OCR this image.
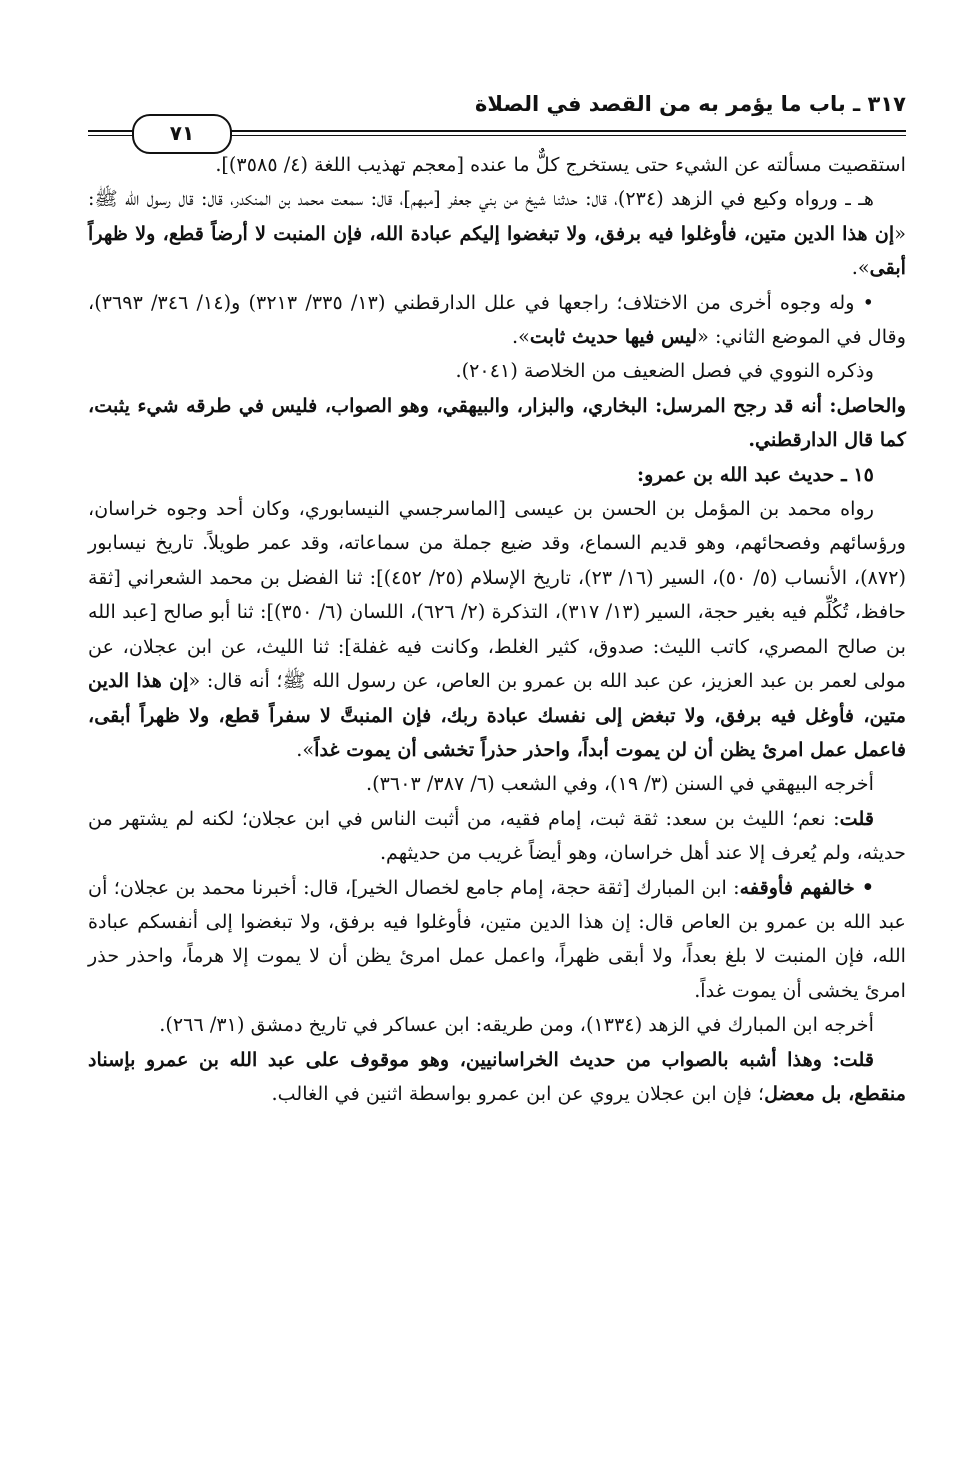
٣١٧ ـ باب ما يؤمر به من القصد في الصلاة
٧١

استقصيت مسألته عن الشيء حتى يستخرج كلٌّ ما عنده [معجم تهذيب اللغة (٤/ ٣٥٨٥)].

هـ ـ ورواه وكيع في الزهد (٢٣٤)، قال: حدثنا شيخ من بني جعفر [مبهم]، قال: سمعت محمد بن المنكدر، قال: قال رسول الله ﷺ: «إن هذا الدين متين، فأوغلوا فيه برفق، ولا تبغضوا إليكم عبادة الله، فإن المنبت لا أرضاً قطع، ولا ظهراً أبقى».

• وله وجوه أخرى من الاختلاف؛ راجعها في علل الدارقطني (١٣/ ٣٣٥/ ٣٢١٣) و(١٤/ ٣٤٦/ ٣٦٩٣)، وقال في الموضع الثاني: «ليس فيها حديث ثابت».

وذكره النووي في فصل الضعيف من الخلاصة (٢٠٤١).

والحاصل: أنه قد رجح المرسل: البخاري، والبزار، والبيهقي، وهو الصواب، فليس في طرقه شيء يثبت، كما قال الدارقطني.

١٥ ـ حديث عبد الله بن عمرو:

رواه محمد بن المؤمل بن الحسن بن عيسى [الماسرجسي النيسابوري، وكان أحد وجوه خراسان، ورؤسائهم وفصحائهم، وهو قديم السماع، وقد ضيع جملة من سماعاته، وقد عمر طويلاً. تاريخ نيسابور (٨٧٢)، الأنساب (٥/ ٥٠)، السير (١٦/ ٢٣)، تاريخ الإسلام (٢٥/ ٤٥٢)]: ثنا الفضل بن محمد الشعراني [ثقة حافظ، تُكُلِّم فيه بغير حجة، السير (١٣/ ٣١٧)، التذكرة (٢/ ٦٢٦)، اللسان (٦/ ٣٥٠)]: ثنا أبو صالح [عبد الله بن صالح المصري، كاتب الليث: صدوق، كثير الغلط، وكانت فيه غفلة]: ثنا الليث، عن ابن عجلان، عن مولى لعمر بن عبد العزيز، عن عبد الله بن عمرو بن العاص، عن رسول الله ﷺ؛ أنه قال: «إن هذا الدين متين، فأوغل فيه برفق، ولا تبغض إلى نفسك عبادة ربك، فإن المنبتَّ لا سفراً قطع، ولا ظهراً أبقى، فاعمل عمل امرئ يظن أن لن يموت أبداً، واحذر حذراً تخشى أن يموت غداً».

أخرجه البيهقي في السنن (٣/ ١٩)، وفي الشعب (٦/ ٣٨٧/ ٣٦٠٣).

قلت: نعم؛ الليث بن سعد: ثقة ثبت، إمام فقيه، من أثبت الناس في ابن عجلان؛ لكنه لم يشتهر من حديثه، ولم يُعرف إلا عند أهل خراسان، وهو أيضاً غريب من حديثهم.

• خالفهم فأوقفه: ابن المبارك [ثقة حجة، إمام جامع لخصال الخير]، قال: أخبرنا محمد بن عجلان؛ أن عبد الله بن عمرو بن العاص قال: إن هذا الدين متين، فأوغلوا فيه برفق، ولا تبغضوا إلى أنفسكم عبادة الله، فإن المنبت لا بلغ بعداً، ولا أبقى ظهراً، واعمل عمل امرئ يظن أن لا يموت إلا هرماً، واحذر حذر امرئ يخشى أن يموت غداً.

أخرجه ابن المبارك في الزهد (١٣٣٤)، ومن طريقه: ابن عساكر في تاريخ دمشق (٣١/ ٢٦٦).

قلت: وهذا أشبه بالصواب من حديث الخراسانيين، وهو موقوف على عبد الله بن عمرو بإسناد منقطع، بل معضل؛ فإن ابن عجلان يروي عن ابن عمرو بواسطة اثنين في الغالب.
